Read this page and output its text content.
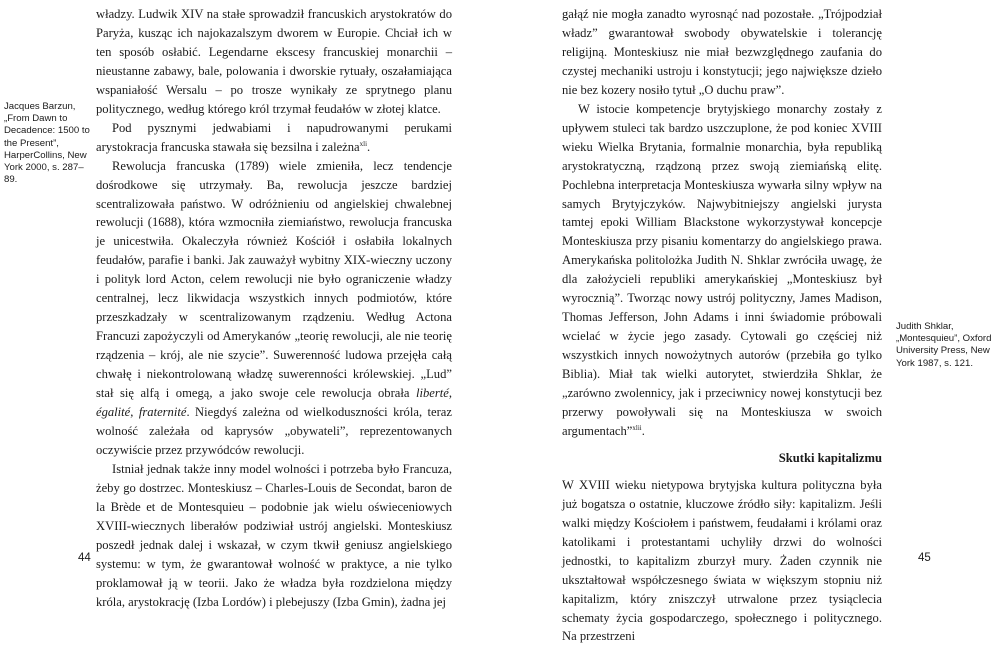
Jacques Barzun, „From Dawn to Decadence: 1500 to the Present”, HarperCollins, New York 2000, s. 287–89.

władzy. Ludwik XIV na stałe sprowadził francuskich arystokratów do Paryża, kusząc ich najokazalszym dworem w Europie. Chciał ich w ten sposób osłabić. Legendarne ekscesy francuskiej monarchii – nieustanne zabawy, bale, polowania i dworskie rytuały, oszałamiająca wspaniałość Wersalu – po trosze wynikały ze sprytnego planu politycznego, według którego król trzymał feudałów w złotej klatce.

Pod pysznymi jedwabiami i napudrowanymi perukami arystokracja francuska stawała się bezsilna i zależna$^{xli}$.

Rewolucja francuska (1789) wiele zmieniła, lecz tendencje dośrodkowe się utrzymały. Ba, rewolucja jeszcze bardziej scentralizowała państwo. W odróżnieniu od angielskiej chwalebnej rewolucji (1688), która wzmocniła ziemiaństwo, rewolucja francuska je unicestwiła. Okaleczyła również Kościół i osłabiła lokalnych feudałów, parafie i banki. Jak zauważył wybitny XIX-wieczny uczony i polityk lord Acton, celem rewolucji nie było ograniczenie władzy centralnej, lecz likwidacja wszystkich innych podmiotów, które przeszkadzały w scentralizowanym rządzeniu. Według Actona Francuzi zapożyczyli od Amerykanów „teorię rewolucji, ale nie teorię rządzenia – krój, ale nie szycie”. Suwerenność ludowa przejęła całą chwałę i niekontrolowaną władzę suwerenności królewskiej. „Lud” stał się alfą i omegą, a jako swoje cele rewolucja obrała liberté, égalité, fraternité. Niegdyś zależna od wielkoduszności króla, teraz wolność zależała od kaprysów „obywateli”, reprezentowanych oczywiście przez przywódców rewolucji.

Istniał jednak także inny model wolności i potrzeba było Francuza, żeby go dostrzec. Monteskiusz – Charles-Louis de Secondat, baron de la Brède et de Montesquieu – podobnie jak wielu oświeceniowych XVIII-wiecznych liberałów podziwiał ustrój angielski. Monteskiusz poszedł jednak dalej i wskazał, w czym tkwił geniusz angielskiego systemu: w tym, że gwarantował wolność w praktyce, a nie tylko proklamował ją w teorii. Jako że władza była rozdzielona między króla, arystokrację (Izba Lordów) i plebejuszy (Izba Gmin), żadna jej

44

gałąź nie mogła zanadto wyrosnąć nad pozostałe. „Trójpodział władz” gwarantował swobody obywatelskie i tolerancję religijną. Monteskiusz nie miał bezwzględnego zaufania do czystej mechaniki ustroju i konstytucji; jego największe dzieło nie bez kozery nosiło tytuł „O duchu praw”.

W istocie kompetencje brytyjskiego monarchy zostały z upływem stuleci tak bardzo uszczuplone, że pod koniec XVIII wieku Wielka Brytania, formalnie monarchia, była republiką arystokratyczną, rządzoną przez swoją ziemiańską elitę. Pochlebna interpretacja Monteskiusza wywarła silny wpływ na samych Brytyjczyków. Najwybitniejszy angielski jurysta tamtej epoki William Blackstone wykorzystywał koncepcje Monteskiusza przy pisaniu komentarzy do angielskiego prawa. Amerykańska politolożka Judith N. Shklar zwróciła uwagę, że dla założycieli republiki amerykańskiej „Monteskiusz był wyrocznią”. Tworząc nowy ustrój polityczny, James Madison, Thomas Jefferson, John Adams i inni świadomie próbowali wcielać w życie jego zasady. Cytowali go częściej niż wszystkich innych nowożytnych autorów (przebiła go tylko Biblia). Miał tak wielki autorytet, stwierdziła Shklar, że „zarówno zwolennicy, jak i przeciwnicy nowej konstytucji bez przerwy powoływali się na Monteskiusza w swoich argumentach”$^{xlii}$.

Skutki kapitalizmu

W XVIII wieku nietypowa brytyjska kultura polityczna była już bogatsza o ostatnie, kluczowe źródło siły: kapitalizm. Jeśli walki między Kościołem i państwem, feudałami i królami oraz katolikami i protestantami uchyliły drzwi do wolności jednostki, to kapitalizm zburzył mury. Żaden czynnik nie ukształtował współczesnego świata w większym stopniu niż kapitalizm, który zniszczył utrwalone przez tysiąclecia schematy życia gospodarczego, społecznego i politycznego. Na przestrzeni

Judith Shklar, „Montesquieu”, Oxford University Press, New York 1987, s. 121.
45
